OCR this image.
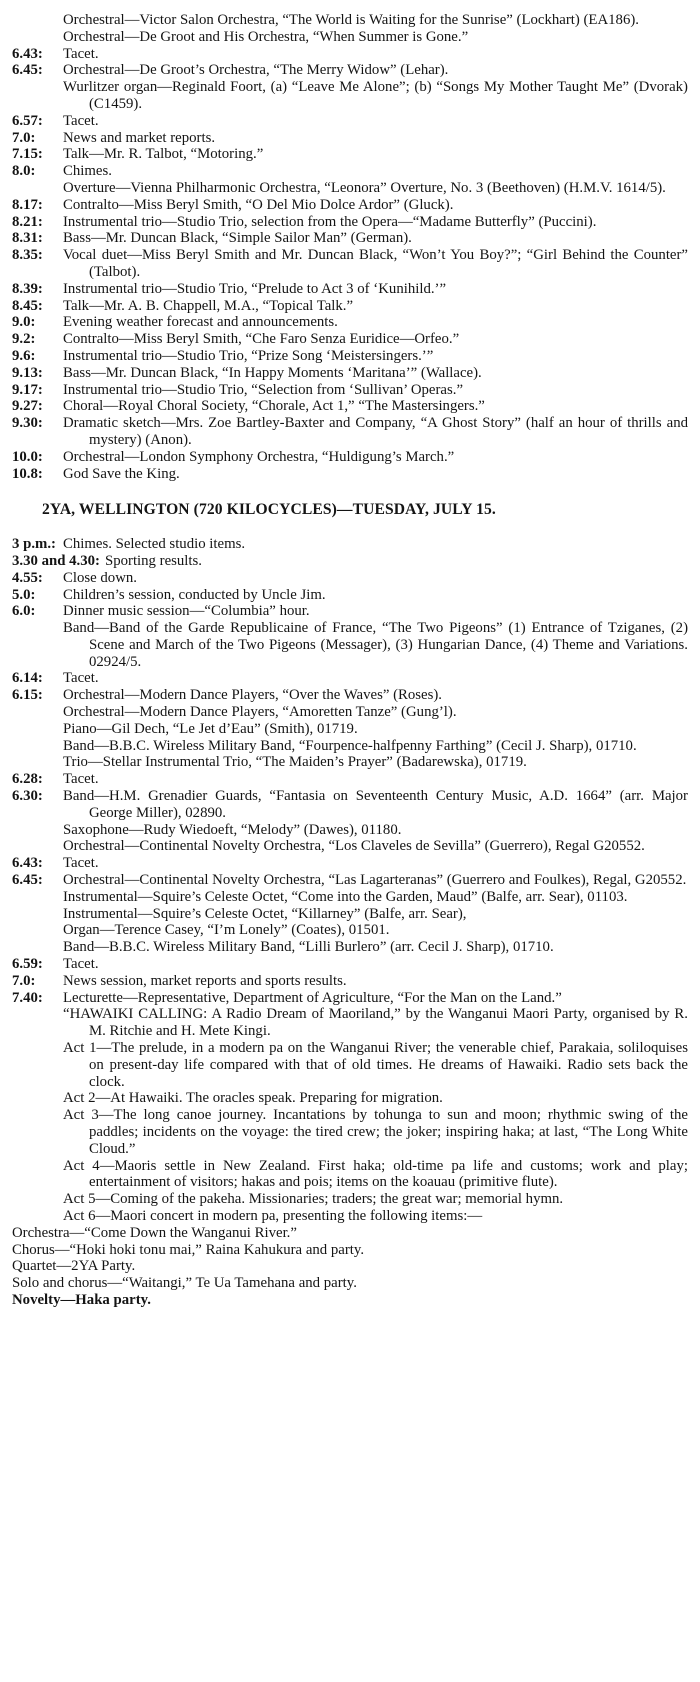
Orchestral—Victor Salon Orchestra, “The World is Waiting for the Sunrise” (Lockhart) (EA186).
Orchestral—De Groot and His Orchestra, “When Summer is Gone.”
6.43:	Tacet.
6.45:	Orchestral—De Groot’s Orchestra, “The Merry Widow” (Lehar).
Wurlitzer organ—Reginald Foort, (a) “Leave Me Alone”; (b) “Songs My Mother Taught Me” (Dvorak) (C1459).
6.57:	Tacet.
7.0:	News and market reports.
7.15:	Talk—Mr. R. Talbot, “Motoring.”
8.0:	Chimes.
Overture—Vienna Philharmonic Orchestra, “Leonora” Overture, No. 3 (Beethoven) (H.M.V. 1614/5).
8.17:	Contralto—Miss Beryl Smith, “O Del Mio Dolce Ardor” (Gluck).
8.21:	Instrumental trio—Studio Trio, selection from the Opera—“Madame Butterfly” (Puccini).
8.31:	Bass—Mr. Duncan Black, “Simple Sailor Man” (German).
8.35:	Vocal duet—Miss Beryl Smith and Mr. Duncan Black, “Won’t You Boy?”; “Girl Behind the Counter” (Talbot).
8.39:	Instrumental trio—Studio Trio, “Prelude to Act 3 of ‘Kunihild.’”
8.45:	Talk—Mr. A. B. Chappell, M.A., “Topical Talk.”
9.0:	Evening weather forecast and announcements.
9.2:	Contralto—Miss Beryl Smith, “Che Faro Senza Euridice—Orfeo.”
9.6:	Instrumental trio—Studio Trio, “Prize Song ‘Meistersingers.’”
9.13:	Bass—Mr. Duncan Black, “In Happy Moments ‘Maritana’” (Wallace).
9.17:	Instrumental trio—Studio Trio, “Selection from ‘Sullivan’ Operas.”
9.27:	Choral—Royal Choral Society, “Chorale, Act 1,” “The Mastersingers.”
9.30:	Dramatic sketch—Mrs. Zoe Bartley-Baxter and Company, “A Ghost Story” (half an hour of thrills and mystery) (Anon).
10.0:	Orchestral—London Symphony Orchestra, “Huldigung’s March.”
10.8:	God Save the King.
2YA, WELLINGTON (720 KILOCYCLES)—TUESDAY, JULY 15.
3 p.m.: Chimes. Selected studio items.
3.30 and 4.30: Sporting results.
4.55:	Close down.
5.0:	Children’s session, conducted by Uncle Jim.
6.0:	Dinner music session—“Columbia” hour.
Band—Band of the Garde Republicaine of France, “The Two Pigeons” (1) Entrance of Tziganes, (2) Scene and March of the Two Pigeons (Messager), (3) Hungarian Dance, (4) Theme and Variations. 02924/5.
6.14:	Tacet.
6.15:	Orchestral—Modern Dance Players, “Over the Waves” (Roses).
Orchestral—Modern Dance Players, “Amoretten Tanze” (Gung’l).
Piano—Gil Dech, “Le Jet d’Eau” (Smith), 01719.
Band—B.B.C. Wireless Military Band, “Fourpence-halfpenny Farthing” (Cecil J. Sharp), 01710.
Trio—Stellar Instrumental Trio, “The Maiden’s Prayer” (Badarewska), 01719.
6.28:	Tacet.
6.30:	Band—H.M. Grenadier Guards, “Fantasia on Seventeenth Century Music, A.D. 1664” (arr. Major George Miller), 02890.
Saxophone—Rudy Wiedoeft, “Melody” (Dawes), 01180.
Orchestral—Continental Novelty Orchestra, “Los Claveles de Sevilla” (Guerrero), Regal G20552.
6.43:	Tacet.
6.45:	Orchestral—Continental Novelty Orchestra, “Las Lagarteranas” (Guerrero and Foulkes), Regal, G20552.
Instrumental—Squire’s Celeste Octet, “Come into the Garden, Maud” (Balfe, arr. Sear), 01103.
Instrumental—Squire’s Celeste Octet, “Killarney” (Balfe, arr. Sear),
Organ—Terence Casey, “I’m Lonely” (Coates), 01501.
Band—B.B.C. Wireless Military Band, “Lilli Burlero” (arr. Cecil J. Sharp), 01710.
6.59:	Tacet.
7.0:	News session, market reports and sports results.
7.40:	Lecturette—Representative, Department of Agriculture, “For the Man on the Land.”
“HAWAIKI CALLING: A Radio Dream of Maoriland,” by the Wanganui Maori Party, organised by R. M. Ritchie and H. Mete Kingi.
Act 1—The prelude, in a modern pa on the Wanganui River; the venerable chief, Parakaia, soliloquises on present-day life compared with that of old times. He dreams of Hawaiki. Radio sets back the clock.
Act 2—At Hawaiki. The oracles speak. Preparing for migration.
Act 3—The long canoe journey. Incantations by tohunga to sun and moon; rhythmic swing of the paddles; incidents on the voyage: the tired crew; the joker; inspiring haka; at last, “The Long White Cloud.”
Act 4—Maoris settle in New Zealand. First haka; old-time pa life and customs; work and play; entertainment of visitors; hakas and pois; items on the koauau (primitive flute).
Act 5—Coming of the pakeha. Missionaries; traders; the great war; memorial hymn.
Act 6—Maori concert in modern pa, presenting the following items:—
Orchestra—“Come Down the Wanganui River.”
Chorus—“Hoki hoki tonu mai,” Raina Kahukura and party.
Quartet—2YA Party.
Solo and chorus—“Waitangi,” Te Ua Tamehana and party.
Novelty—Haka party.
